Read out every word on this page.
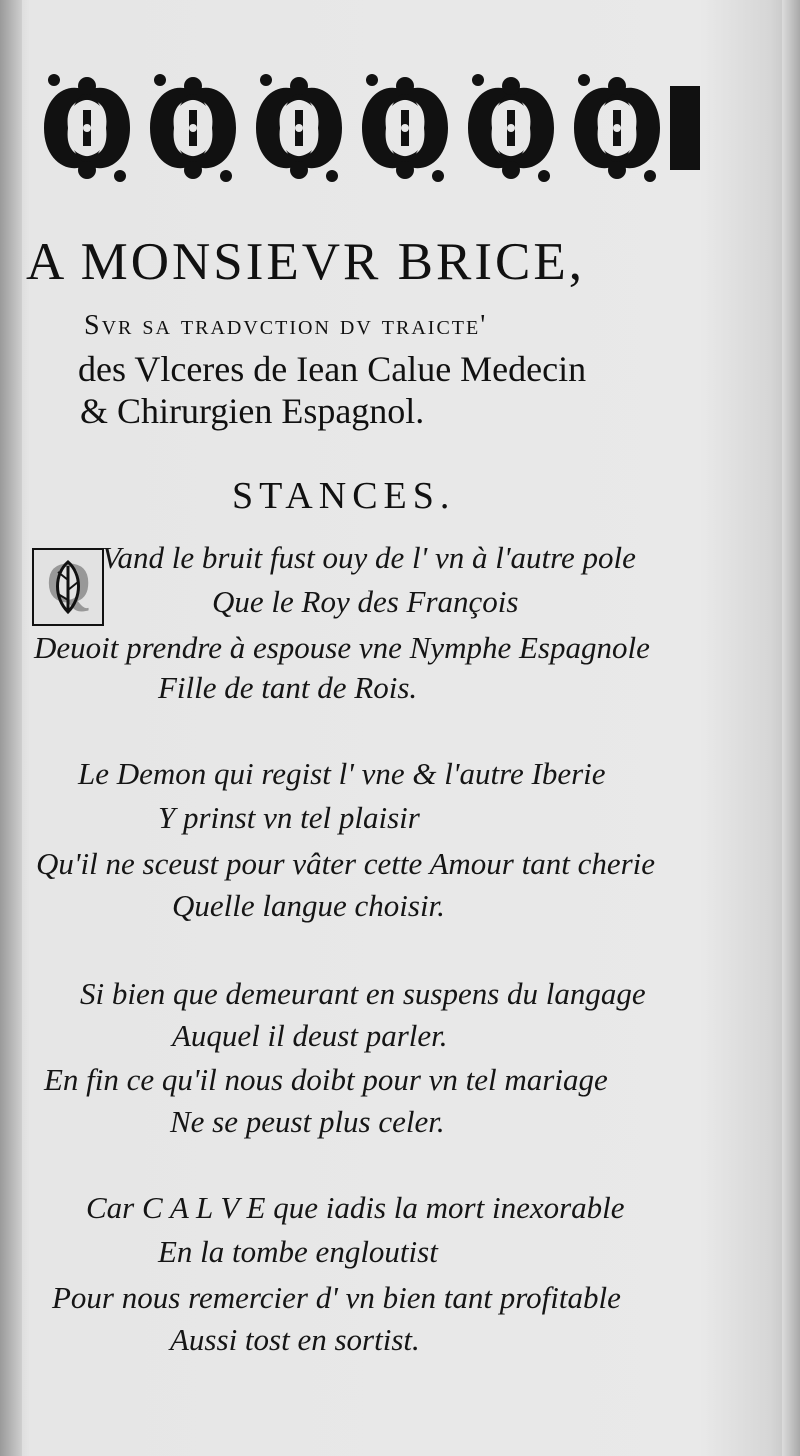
A MONSIEVR BRICE,
Svr sa tradvction dv traicte'
des Vlceres de Iean Calue Medecin
& Chirurgien Espagnol.
STANCES.
Q Vand le bruit fust ouy de l' vn à l'autre pole
Que le Roy des François
Deuoit prendre à espouse vne Nymphe Espagnole
Fille de tant de Rois.
Le Demon qui regist l' vne & l'autre Iberie
Y prinst vn tel plaisir
Qu'il ne sceust pour vâter cette Amour tant cherie
Quelle langue choisir.
Si bien que demeurant en suspens du langage
Auquel il deust parler.
En fin ce qu'il nous doibt pour vn tel mariage
Ne se peust plus celer.
Car C A L V E que iadis la mort inexorable
En la tombe engloutist
Pour nous remercier d' vn bien tant profitable
Aussi tost en sortist.
